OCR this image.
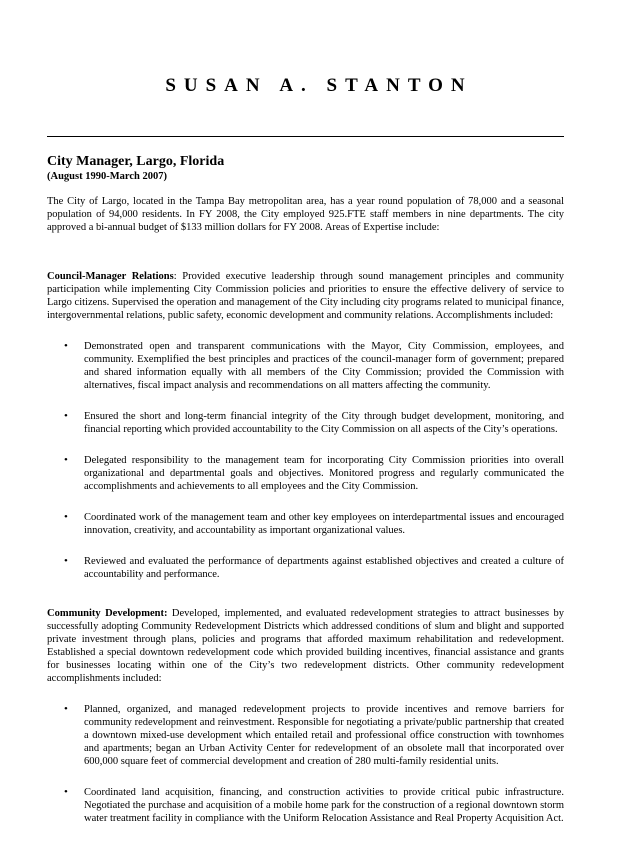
SUSAN A. STANTON
City Manager, Largo, Florida
(August 1990-March 2007)

The City of Largo, located in the Tampa Bay metropolitan area, has a year round population of 78,000 and a seasonal population of 94,000 residents. In FY 2008, the City employed 925.FTE staff members in nine departments. The city approved a bi-annual budget of $133 million dollars for FY 2008. Areas of Expertise include:

Council-Manager Relations: Provided executive leadership through sound management principles and community participation while implementing City Commission policies and priorities to ensure the effective delivery of service to Largo citizens. Supervised the operation and management of the City including city programs related to municipal finance, intergovernmental relations, public safety, economic development and community relations. Accomplishments included:

• Demonstrated open and transparent communications with the Mayor, City Commission, employees, and community. Exemplified the best principles and practices of the council-manager form of government; prepared and shared information equally with all members of the City Commission; provided the Commission with alternatives, fiscal impact analysis and recommendations on all matters affecting the community.
• Ensured the short and long-term financial integrity of the City through budget development, monitoring, and financial reporting which provided accountability to the City Commission on all aspects of the City’s operations.
• Delegated responsibility to the management team for incorporating City Commission priorities into overall organizational and departmental goals and objectives. Monitored progress and regularly communicated the accomplishments and achievements to all employees and the City Commission.
• Coordinated work of the management team and other key employees on interdepartmental issues and encouraged innovation, creativity, and accountability as important organizational values.
• Reviewed and evaluated the performance of departments against established objectives and created a culture of accountability and performance.

Community Development: Developed, implemented, and evaluated redevelopment strategies to attract businesses by successfully adopting Community Redevelopment Districts which addressed conditions of slum and blight and supported private investment through plans, policies and programs that afforded maximum rehabilitation and redevelopment. Established a special downtown redevelopment code which provided building incentives, financial assistance and grants for businesses locating within one of the City’s two redevelopment districts. Other community redevelopment accomplishments included:

• Planned, organized, and managed redevelopment projects to provide incentives and remove barriers for community redevelopment and reinvestment. Responsible for negotiating a private/public partnership that created a downtown mixed-use development which entailed retail and professional office construction with townhomes and apartments; began an Urban Activity Center for redevelopment of an obsolete mall that incorporated over 600,000 square feet of commercial development and creation of 280 multi-family residential units.
• Coordinated land acquisition, financing, and construction activities to provide critical pubic infrastructure. Negotiated the purchase and acquisition of a mobile home park for the construction of a regional downtown storm water treatment facility in compliance with the Uniform Relocation Assistance and Real Property Acquisition Act.
